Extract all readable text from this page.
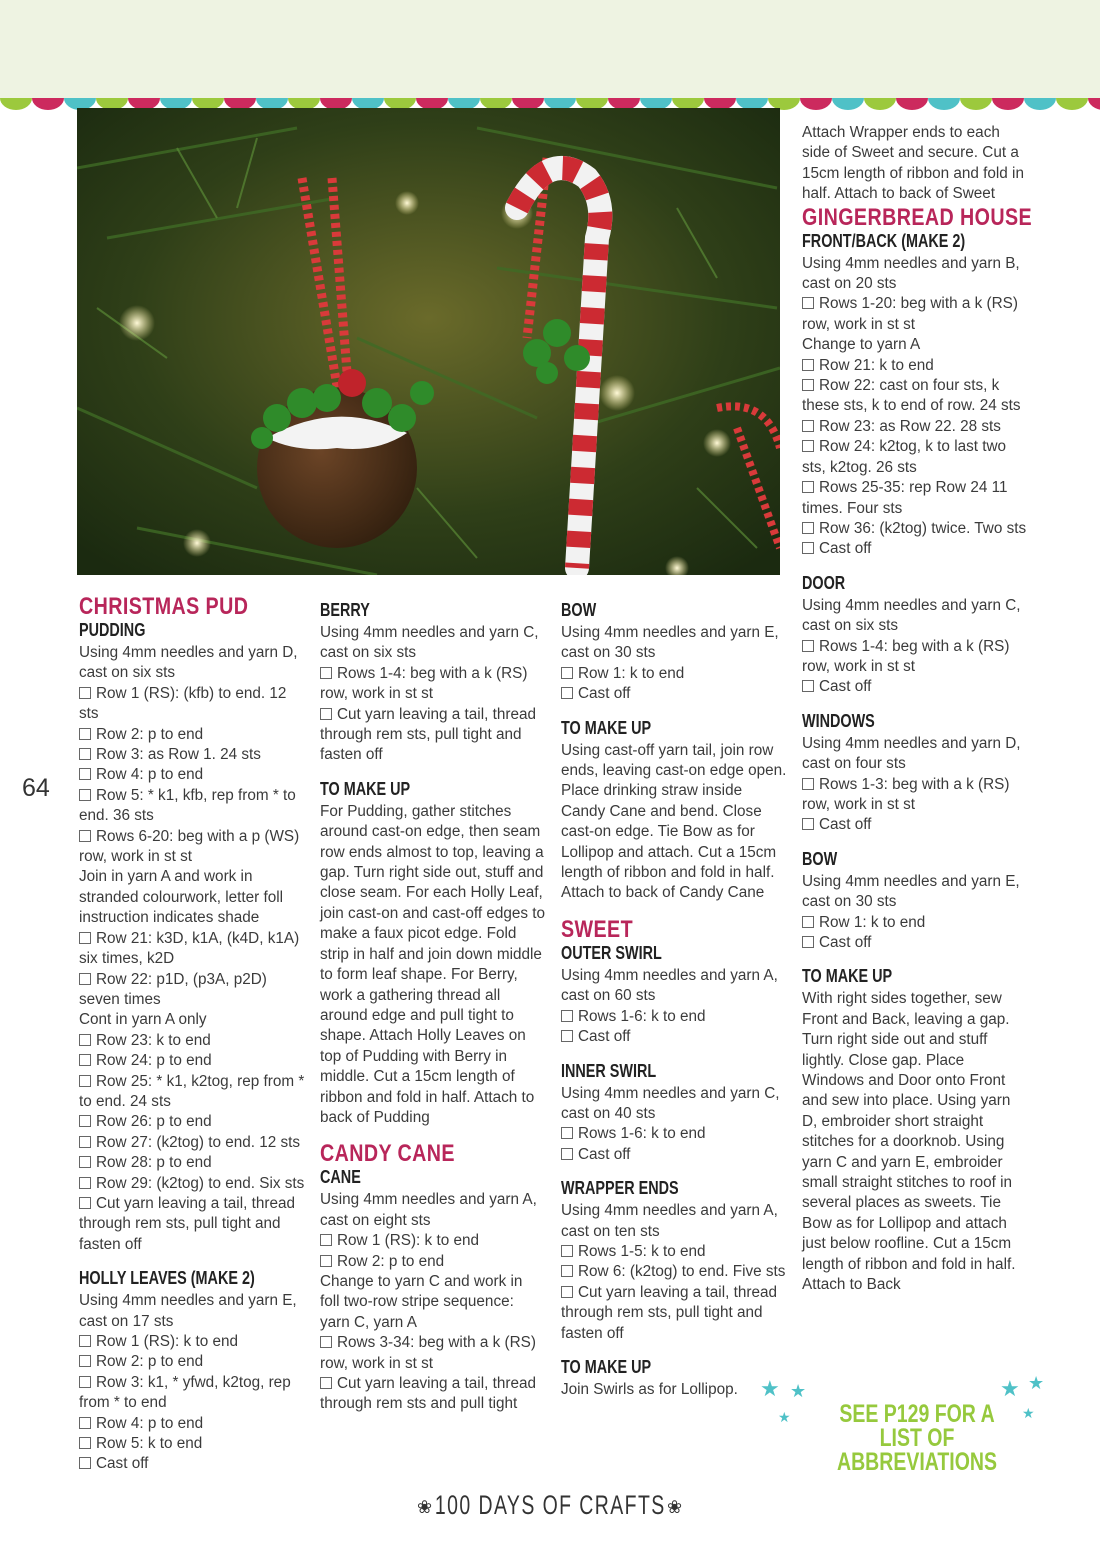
64
CHRISTMAS PUD
PUDDING

Using 4mm needles and yarn D, cast on six sts

Row 1 (RS): (kfb) to end. 12 sts

Row 2: p to end

Row 3: as Row 1. 24 sts

Row 4: p to end

Row 5: * k1, kfb, rep from * to end. 36 sts

Rows 6-20: beg with a p (WS) row, work in st st

Join in yarn A and work in stranded colourwork, letter foll instruction indicates shade

Row 21: k3D, k1A, (k4D, k1A) six times, k2D

Row 22: p1D, (p3A, p2D) seven times

Cont in yarn A only

Row 23: k to end

Row 24: p to end

Row 25: * k1, k2tog, rep from * to end. 24 sts

Row 26: p to end

Row 27: (k2tog) to end. 12 sts

Row 28: p to end

Row 29: (k2tog) to end. Six sts

Cut yarn leaving a tail, thread through rem sts, pull tight and fasten off

HOLLY LEAVES (MAKE 2)

Using 4mm needles and yarn E, cast on 17 sts

Row 1 (RS): k to end

Row 2: p to end

Row 3: k1, * yfwd, k2tog, rep from * to end

Row 4: p to end

Row 5: k to end

Cast off

BERRY

Using 4mm needles and yarn C, cast on six sts

Rows 1-4: beg with a k (RS) row, work in st st

Cut yarn leaving a tail, thread through rem sts, pull tight and fasten off

TO MAKE UP

For Pudding, gather stitches around cast-on edge, then seam row ends almost to top, leaving a gap. Turn right side out, stuff and close seam. For each Holly Leaf, join cast-on and cast-off edges to make a faux picot edge. Fold strip in half and join down middle to form leaf shape. For Berry, work a gathering thread all around edge and pull tight to shape. Attach Holly Leaves on top of Pudding with Berry in middle. Cut a 15cm length of ribbon and fold in half. Attach to back of Pudding

CANDY CANE
CANE

Using 4mm needles and yarn A, cast on eight sts

Row 1 (RS): k to end

Row 2: p to end

Change to yarn C and work in foll two-row stripe sequence: yarn C, yarn A

Rows 3-34: beg with a k (RS) row, work in st st

Cut yarn leaving a tail, thread through rem sts and pull tight

BOW

Using 4mm needles and yarn E, cast on 30 sts

Row 1: k to end

Cast off

TO MAKE UP

Using cast-off yarn tail, join row ends, leaving cast-on edge open. Place drinking straw inside Candy Cane and bend. Close cast-on edge. Tie Bow as for Lollipop and attach. Cut a 15cm length of ribbon and fold in half. Attach to back of Candy Cane

SWEET
OUTER SWIRL

Using 4mm needles and yarn A, cast on 60 sts

Rows 1-6: k to end

Cast off

INNER SWIRL

Using 4mm needles and yarn C, cast on 40 sts

Rows 1-6: k to end

Cast off

WRAPPER ENDS

Using 4mm needles and yarn A, cast on ten sts

Rows 1-5: k to end

Row 6: (k2tog) to end. Five sts

Cut yarn leaving a tail, thread through rem sts, pull tight and fasten off

TO MAKE UP

Join Swirls as for Lollipop.

Attach Wrapper ends to each side of Sweet and secure. Cut a 15cm length of ribbon and fold in half. Attach to back of Sweet

GINGERBREAD HOUSE
FRONT/BACK (MAKE 2)

Using 4mm needles and yarn B, cast on 20 sts

Rows 1-20: beg with a k (RS) row, work in st st

Change to yarn A

Row 21: k to end

Row 22: cast on four sts, k these sts, k to end of row. 24 sts

Row 23: as Row 22. 28 sts

Row 24: k2tog, k to last two sts, k2tog. 26 sts

Rows 25-35: rep Row 24 11 times. Four sts

Row 36: (k2tog) twice. Two sts

Cast off

DOOR

Using 4mm needles and yarn C, cast on six sts

Rows 1-4: beg with a k (RS) row, work in st st

Cast off

WINDOWS

Using 4mm needles and yarn D, cast on four sts

Rows 1-3: beg with a k (RS) row, work in st st

Cast off

BOW

Using 4mm needles and yarn E, cast on 30 sts

Row 1: k to end

Cast off

TO MAKE UP

With right sides together, sew Front and Back, leaving a gap. Turn right side out and stuff lightly. Close gap. Place Windows and Door onto Front and sew into place. Using yarn D, embroider short straight stitches for a doorknob. Using yarn C and yarn E, embroider small straight stitches to roof in several places as sweets. Tie Bow as for Lollipop and attach just below roofline. Cut a 15cm length of ribbon and fold in half. Attach to Back

★ ★
★
★ ★
★
SEE P129 FOR A LIST OF ABBREVIATIONS
❀ 100 DAYS OF CRAFTS ❀
